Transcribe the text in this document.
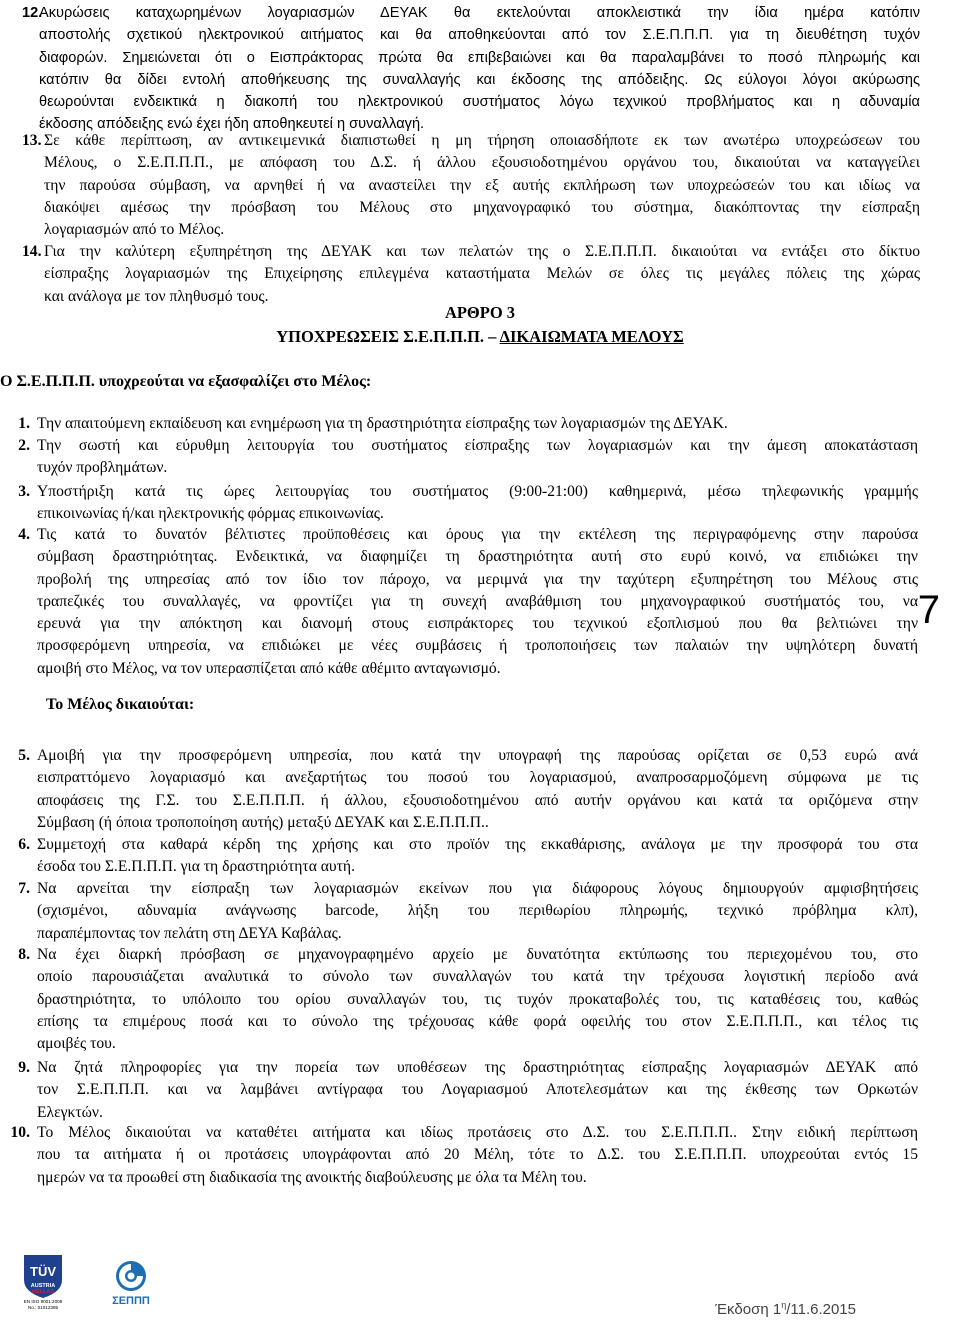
12.
Ακυρώσεις καταχωρημένων λογαριασμών ΔΕΥΑΚ θα εκτελούνται αποκλειστικά την ίδια ημέρα κατόπιν
αποστολής σχετικού ηλεκτρονικού αιτήματος και θα αποθηκεύονται από τον Σ.Ε.Π.Π.Π. για τη διευθέτηση τυχόν
διαφορών. Σημειώνεται ότι ο Εισπράκτορας πρώτα θα επιβεβαιώνει και θα παραλαμβάνει το ποσό πληρωμής και
κατόπιν θα δίδει εντολή αποθήκευσης της συναλλαγής και έκδοσης της απόδειξης. Ως εύλογοι λόγοι ακύρωσης
θεωρούνται ενδεικτικά η διακοπή του ηλεκτρονικού συστήματος λόγω τεχνικού προβλήματος και η αδυναμία
έκδοσης απόδειξης ενώ έχει ήδη αποθηκευτεί η συναλλαγή.
13. Σε κάθε περίπτωση, αν αντικειμενικά διαπιστωθεί η μη τήρηση οποιασδήποτε εκ των ανωτέρω υποχρεώσεων του
Μέλους, ο Σ.Ε.Π.Π.Π., με απόφαση του Δ.Σ. ή άλλου εξουσιοδοτημένου οργάνου του, δικαιούται να καταγγείλει
την παρούσα σύμβαση, να αρνηθεί ή να αναστείλει την εξ αυτής εκπλήρωση των υποχρεώσεών του και ιδίως να
διακόψει αμέσως την πρόσβαση του Μέλους στο μηχανογραφικό του σύστημα, διακόπτοντας την είσπραξη
λογαριασμών από το Μέλος.
14. Για την καλύτερη εξυπηρέτηση της ΔΕΥΑΚ και των πελατών της ο Σ.Ε.Π.Π.Π. δικαιούται να εντάξει στο δίκτυο
είσπραξης λογαριασμών της Επιχείρησης επιλεγμένα καταστήματα Μελών σε όλες τις μεγάλες πόλεις της χώρας
και ανάλογα με τον πληθυσμό τους.
ΑΡΘΡΟ 3
ΥΠΟΧΡΕΩΣΕΙΣ Σ.Ε.Π.Π.Π. – ΔΙΚΑΙΩΜΑΤΑ ΜΕΛΟΥΣ
Ο Σ.Ε.Π.Π.Π. υποχρεούται να εξασφαλίζει στο Μέλος:
1. Την απαιτούμενη εκπαίδευση και ενημέρωση για τη δραστηριότητα είσπραξης των λογαριασμών της ΔΕΥΑΚ.
2. Την σωστή και εύρυθμη λειτουργία του συστήματος είσπραξης των λογαριασμών και την άμεση αποκατάσταση
τυχόν προβλημάτων.
3. Υποστήριξη κατά τις ώρες λειτουργίας του συστήματος (9:00-21:00) καθημερινά, μέσω τηλεφωνικής γραμμής
επικοινωνίας ή/και ηλεκτρονικής φόρμας επικοινωνίας.
4. Τις κατά το δυνατόν βέλτιστες προϋποθέσεις και όρους για την εκτέλεση της περιγραφόμενης στην παρούσα
σύμβαση δραστηριότητας. Ενδεικτικά, να διαφημίζει τη δραστηριότητα αυτή στο ευρύ κοινό, να επιδιώκει την
προβολή της υπηρεσίας από τον ίδιο τον πάροχο, να μεριμνά για την ταχύτερη εξυπηρέτηση του Μέλους στις
τραπεζικές του συναλλαγές, να φροντίζει για τη συνεχή αναβάθμιση του μηχανογραφικού συστήματός του, να
ερευνά για την απόκτηση και διανομή στους εισπράκτορες του τεχνικού εξοπλισμού που θα βελτιώνει την
προσφερόμενη υπηρεσία, να επιδιώκει με νέες συμβάσεις ή τροποποιήσεις των παλαιών την υψηλότερη δυνατή
αμοιβή στο Μέλος, να τον υπερασπίζεται από κάθε αθέμιτο ανταγωνισμό.
Το Μέλος δικαιούται:
5. Αμοιβή για την προσφερόμενη υπηρεσία, που κατά την υπογραφή της παρούσας ορίζεται σε 0,53 ευρώ ανά
εισπραττόμενο λογαριασμό και ανεξαρτήτως του ποσού του λογαριασμού, αναπροσαρμοζόμενη σύμφωνα με τις
αποφάσεις της Γ.Σ. του Σ.Ε.Π.Π.Π. ή άλλου, εξουσιοδοτημένου από αυτήν οργάνου και κατά τα οριζόμενα στην
Σύμβαση (ή όποια τροποποίηση αυτής) μεταξύ ΔΕΥΑΚ και Σ.Ε.Π.Π.Π..
6. Συμμετοχή στα καθαρά κέρδη της χρήσης και στο προϊόν της εκκαθάρισης, ανάλογα με την προσφορά του στα
έσοδα του Σ.Ε.Π.Π.Π. για τη δραστηριότητα αυτή.
7. Να αρνείται την είσπραξη των λογαριασμών εκείνων που για διάφορους λόγους δημιουργούν αμφισβητήσεις
(σχισμένοι, αδυναμία ανάγνωσης barcode, λήξη του περιθωρίου πληρωμής, τεχνικό πρόβλημα κλπ),
παραπέμποντας τον πελάτη στη ΔΕΥΑ Καβάλας.
8. Να έχει διαρκή πρόσβαση σε μηχανογραφημένο αρχείο με δυνατότητα εκτύπωσης του περιεχομένου του, στο
οποίο παρουσιάζεται αναλυτικά το σύνολο των συναλλαγών του κατά την τρέχουσα λογιστική περίοδο ανά
δραστηριότητα, το υπόλοιπο του ορίου συναλλαγών του, τις τυχόν προκαταβολές του, τις καταθέσεις του, καθώς
επίσης τα επιμέρους ποσά και το σύνολο της τρέχουσας κάθε φορά οφειλής του στον Σ.Ε.Π.Π.Π., και τέλος τις
αμοιβές του.
9. Να ζητά πληροφορίες για την πορεία των υποθέσεων της δραστηριότητας είσπραξης λογαριασμών ΔΕΥΑΚ από
τον Σ.Ε.Π.Π.Π. και να λαμβάνει αντίγραφα του Λογαριασμού Αποτελεσμάτων και της έκθεσης των Ορκωτών
Ελεγκτών.
10. Το Μέλος δικαιούται να καταθέτει αιτήματα και ιδίως προτάσεις στο Δ.Σ. του Σ.Ε.Π.Π.Π.. Στην ειδική περίπτωση
που τα αιτήματα ή οι προτάσεις υπογράφονται από 20 Μέλη, τότε το Δ.Σ. του Σ.Ε.Π.Π.Π. υποχρεούται εντός 15
ημερών να τα προωθεί στη διαδικασία της ανοικτής διαβούλευσης με όλα τα Μέλη του.
7
TÜV
AUSTRIA
HELLAS
EN ISO 9001:2008
No.: 01012385
ΣΕΠΠΠ	Έκδοση $1^\eta/11.6.2015$
